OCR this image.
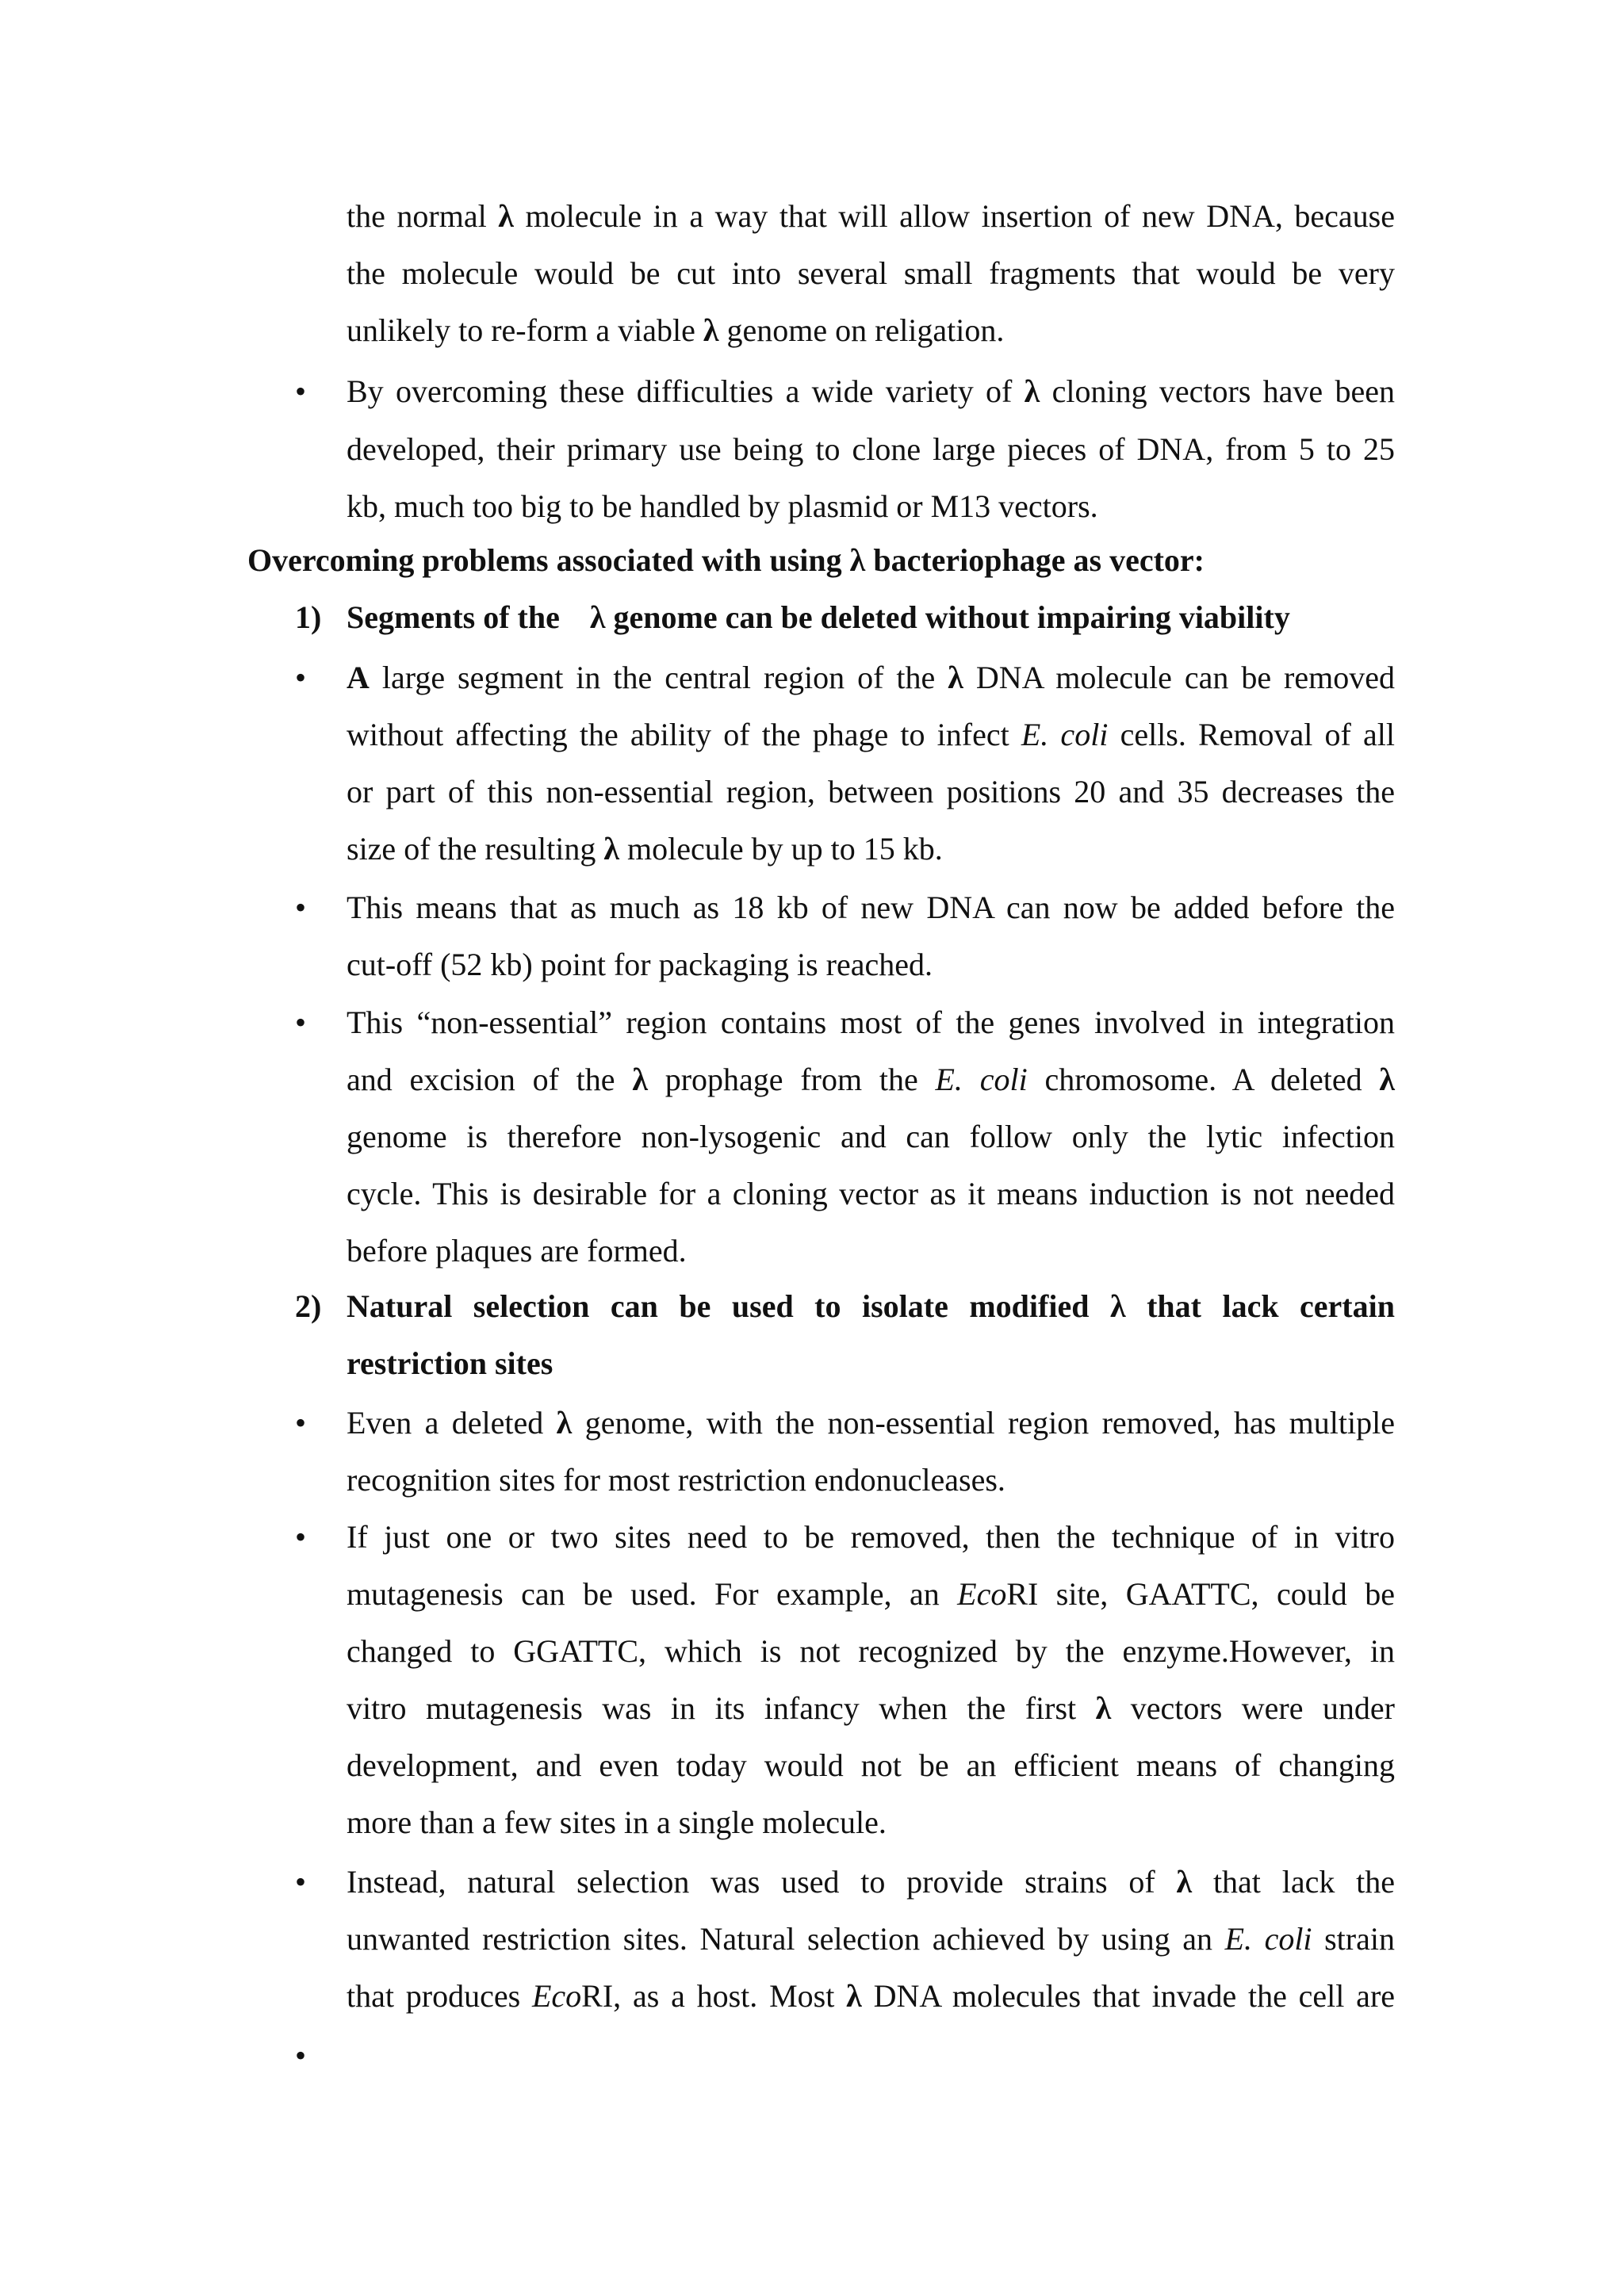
the normal λ molecule in a way that will allow insertion of new DNA, because
the molecule would be cut into several small fragments that would be very
unlikely to re-form a viable λ genome on religation.
• By overcoming these difficulties a wide variety of λ cloning vectors have been
developed, their primary use being to clone large pieces of DNA, from 5 to 25
kb, much too big to be handled by plasmid or M13 vectors.
Overcoming problems associated with using λ bacteriophage as vector:
1) Segments of the λ genome can be deleted without impairing viability
• A large segment in the central region of the λ DNA molecule can be removed
without affecting the ability of the phage to infect E. coli cells. Removal of all
or part of this non-essential region, between positions 20 and 35 decreases the
size of the resulting λ molecule by up to 15 kb.
• This means that as much as 18 kb of new DNA can now be added before the
cut-off (52 kb) point for packaging is reached.
• This “non-essential” region contains most of the genes involved in integration
and excision of the λ prophage from the E. coli chromosome. A deleted λ
genome is therefore non-lysogenic and can follow only the lytic infection
cycle. This is desirable for a cloning vector as it means induction is not needed
before plaques are formed.
2) Natural selection can be used to isolate modified λ that lack certain
restriction sites
• Even a deleted λ genome, with the non-essential region removed, has multiple
recognition sites for most restriction endonucleases.
• If just one or two sites need to be removed, then the technique of in vitro
mutagenesis can be used. For example, an EcoRI site, GAATTC, could be
changed to GGATTC, which is not recognized by the enzyme.However, in
vitro mutagenesis was in its infancy when the first λ vectors were under
development, and even today would not be an efficient means of changing
more than a few sites in a single molecule.
• Instead, natural selection was used to provide strains of λ that lack the
unwanted restriction sites. Natural selection achieved by using an E. coli strain
that produces EcoRI, as a host. Most λ DNA molecules that invade the cell are
•
